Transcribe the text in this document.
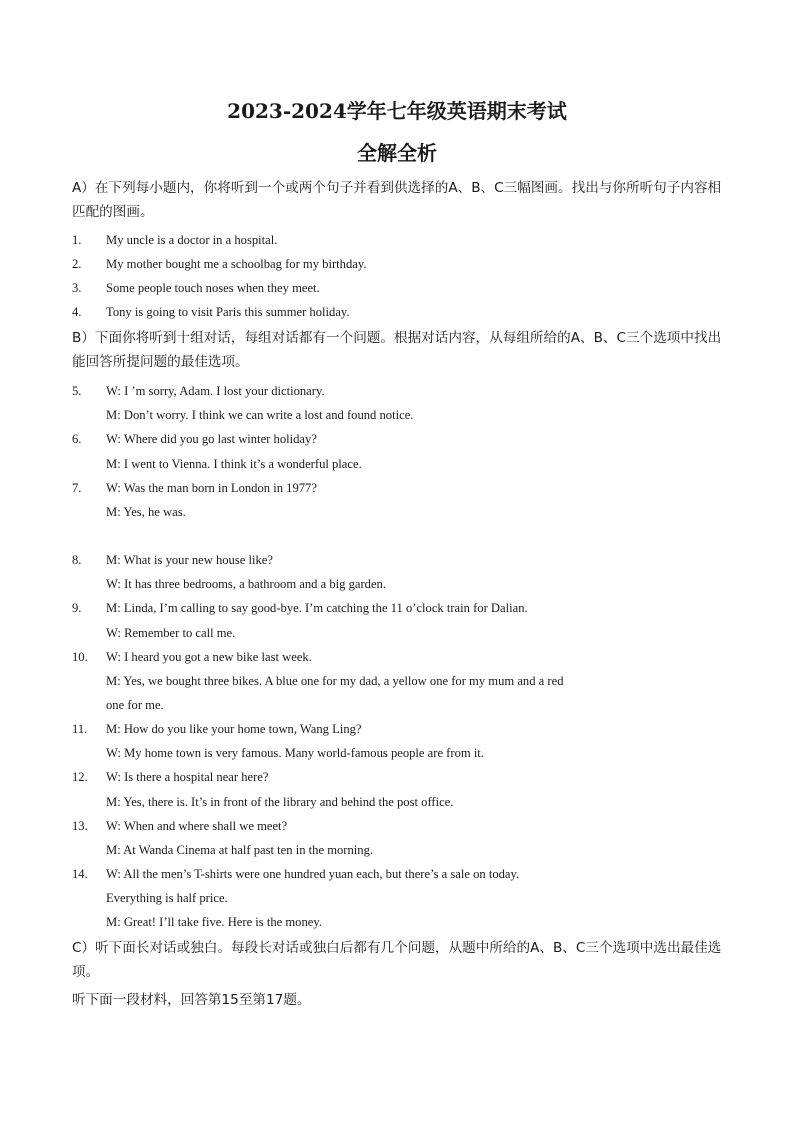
2023-2024学年七年级英语期末考试
全解全析
A）在下列每小题内，你将听到一个或两个句子并看到供选择的A、B、C三幅图画。找出与你所听句子内容相匹配的图画。
1. My uncle is a doctor in a hospital.
2. My mother bought me a schoolbag for my birthday.
3. Some people touch noses when they meet.
4. Tony is going to visit Paris this summer holiday.
B）下面你将听到十组对话，每组对话都有一个问题。根据对话内容，从每组所给的A、B、C三个选项中找出能回答所提问题的最佳选项。
5. W: I ’m sorry, Adam. I lost your dictionary.
M: Don’t worry. I think we can write a lost and found notice.
6. W: Where did you go last winter holiday?
M: I went to Vienna. I think it’s a wonderful place.
7. W: Was the man born in London in 1977?
M: Yes, he was.
8. M: What is your new house like?
W: It has three bedrooms, a bathroom and a big garden.
9. M: Linda, I’m calling to say good-bye. I’m catching the 11 o’clock train for Dalian.
W: Remember to call me.
10. W: I heard you got a new bike last week.
M: Yes, we bought three bikes. A blue one for my dad, a yellow one for my mum and a red
one for me.
11. M: How do you like your home town, Wang Ling?
W: My home town is very famous. Many world-famous people are from it.
12. W: Is there a hospital near here?
M: Yes, there is. It’s in front of the library and behind the post office.
13. W: When and where shall we meet?
M: At Wanda Cinema at half past ten in the morning.
14. W: All the men’s T-shirts were one hundred yuan each, but there’s a sale on today.
Everything is half price.
M: Great! I’ll take five. Here is the money.
C）听下面长对话或独白。每段长对话或独白后都有几个问题，从题中所给的A、B、C三个选项中选出最佳选项。
听下面一段材料，回答第15至第17题。
